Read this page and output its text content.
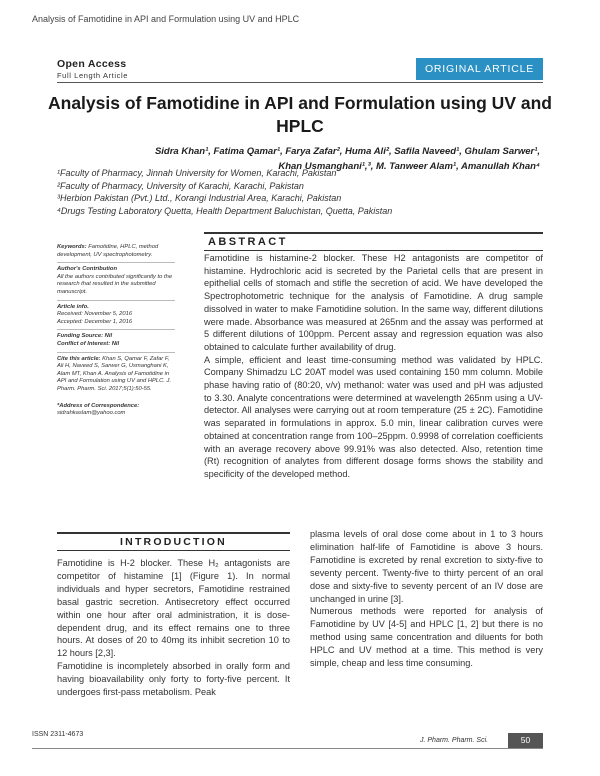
Analysis of Famotidine in API and Formulation using UV and HPLC
Open Access
Full Length Article
ORIGINAL ARTICLE
Analysis of Famotidine in API and Formulation using UV and HPLC
Sidra Khan¹, Fatima Qamar¹, Farya Zafar², Huma Ali², Safila Naveed¹, Ghulam Sarwer¹,
Khan Usmanghani¹,³, M. Tanweer Alam¹, Amanullah Khan⁴
¹Faculty of Pharmacy, Jinnah University for Women, Karachi, Pakistan
²Faculty of Pharmacy, University of Karachi, Karachi, Pakistan
³Herbion Pakistan (Pvt.) Ltd., Korangi Industrial Area, Karachi, Pakistan
⁴Drugs Testing Laboratory Quetta, Health Department Baluchistan, Quetta, Pakistan
Keywords: Famotidine, HPLC, method development, UV spectrophotometry.
Author's Contribution
All the authors contributed significantly to the research that resulted in the submitted manuscript.
Article info.
Received: November 5, 2016
Accepted: December 1, 2016
Funding Source: Nil
Conflict of Interest: Nil
Cite this article: Khan S, Qamar F, Zafar F, Ali H, Naveed S, Sarwer G, Usmanghani K, Alam MT, Khan A. Analysis of Famotidine in API and Formulation using UV and HPLC. J. Pharm. Pharm. Sci. 2017;5(1):50-55.
*Address of Correspondence:
sidrahkaslam@yahoo.com
ABSTRACT

Famotidine is histamine-2 blocker. These H2 antagonists are competitor of histamine. Hydrochloric acid is secreted by the Parietal cells that are present in epithelial cells of stomach and stifle the secretion of acid. We have developed the Spectrophotometric technique for the analysis of Famotidine. A drug sample dissolved in water to make Famotidine solution. In the same way, different dilutions were made. Absorbance was measured at 265nm and the assay was performed at 5 different dilutions of 100ppm. Percent assay and regression equation was also obtained to calculate further availability of drug.

A simple, efficient and least time-consuming method was validated by HPLC. Company Shimadzu LC 20AT model was used containing 150 mm column. Mobile phase having ratio of (80:20, v/v) methanol: water was used and pH was adjusted to 3.30. Analyte concentrations were determined at wavelength 265nm using a UV-detector. All analyses were carrying out at room temperature (25 ± 2C). Famotidine was separated in formulations in approx. 5.0 min, linear calibration curves were obtained at concentration range from 100–25ppm. 0.9998 of correlation coefficients with an average recovery above 99.91% was also detected. Also, retention time (Rt) recognition of analytes from different dosage forms shows the stability and specificity of the developed method.

INTRODUCTION

Famotidine is H-2 blocker. These H₂ antagonists are competitor of histamine [1] (Figure 1). In normal individuals and hyper secretors, Famotidine restrained basal gastric secretion. Antisecretory effect occurred within one hour after oral administration, it is dose-dependent drug, and its effect remains one to three hours. At doses of 20 to 40mg its inhibit secretion 10 to 12 hours [2,3].

Famotidine is incompletely absorbed in orally form and having bioavailability only forty to forty-five percent. It undergoes first-pass metabolism. Peak

plasma levels of oral dose come about in 1 to 3 hours elimination half-life of Famotidine is above 3 hours. Famotidine is excreted by renal excretion to sixty-five to seventy percent. Twenty-five to thirty percent of an oral dose and sixty-five to seventy percent of an IV dose are unchanged in urine [3].

Numerous methods were reported for analysis of Famotidine by UV [4-5] and HPLC [1, 2] but there is no method using same concentration and diluents for both HPLC and UV method at a time. This method is very simple, cheap and less time consuming.

ISSN 2311-4673
J. Pharm. Pharm. Sci.	50
